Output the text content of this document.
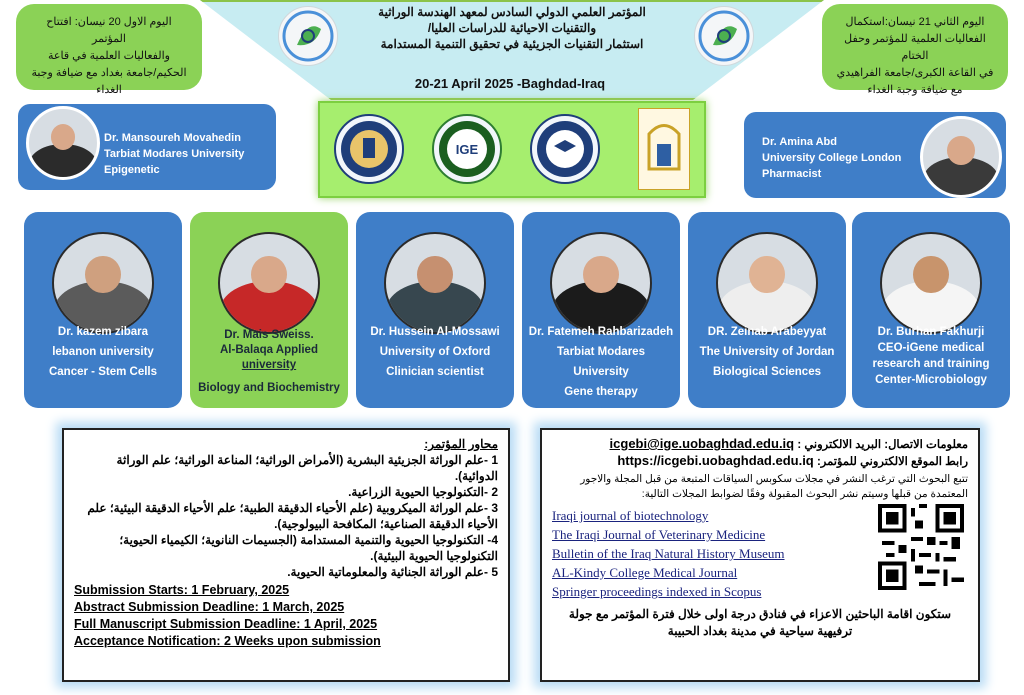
المؤتمر العلمي الدولي السادس لمعهد الهندسة الوراثية
والتقنيات الاحيائية للدراسات العليا/
استثمار التقنيات الجزيئية في تحقيق التنمية المستدامة
20-21 April 2025 -Baghdad-Iraq
اليوم الاول 20 نيسان: افتتاح المؤتمر
والفعاليات العلمية في قاعة
الحكيم/جامعة بغداد مع ضيافة وجبة
الغداء
اليوم الثاني 21 نيسان:استكمال
الفعاليات العلمية للمؤتمر وحفل الختام
في القاعة الكبرى/جامعة الفراهيدي
مع ضيافة وجبة الغداء
IGE
Dr. Mansoureh Movahedin
Tarbiat Modares University
Epigenetic
Dr. Amina Abd
University College London
Pharmacist
Dr. kazem zibara
lebanon university
Cancer - Stem Cells
Dr. Mais Sweiss.
Al-Balaqa Applied
university
Biology and Biochemistry
Dr. Hussein Al-Mossawi
University of Oxford
Clinician scientist
Dr. Fatemeh Rahbarizadeh
Tarbiat Modares
University
Gene therapy
DR. Zeinab Arabeyyat
The University of Jordan
Biological Sciences
Dr. Burhan Fakhurji
CEO-iGene medical
research and training
Center-Microbiology
محاور المؤتمر:
1 -علم الوراثة الجزيئية البشرية (الأمراض الوراثية؛ المناعة الوراثية؛ علم الوراثة الدوائية).
2 -التكنولوجيا الحيوية الزراعية.
3 -علم الوراثة الميكروبية (علم الأحياء الدقيقة الطبية؛ علم الأحياء الدقيقة البيئية؛ علم الأحياء الدقيقة الصناعية؛ المكافحة البيولوجية).
4- التكنولوجيا الحيوية والتنمية المستدامة (الجسيمات النانوية؛ الكيمياء الحيوية؛ التكنولوجيا الحيوية البيئية).
5 -علم الوراثة الجنائية والمعلوماتية الحيوية.
Submission Starts: 1 February, 2025
Abstract Submission Deadline: 1 March, 2025
Full Manuscript Submission Deadline: 1 April, 2025
Acceptance Notification: 2 Weeks upon submission
معلومات الاتصال: البريد الالكتروني : icgebi@ige.uobaghdad.edu.iq
رابط الموقع الالكتروني للمؤتمر: https://icgebi.uobaghdad.edu.iq
تتبع البحوث التي ترغب النشر في مجلات سكوبس السياقات المتبعة من قبل المجلة والاجور المعتمدة من قبلها وسيتم نشر البحوث المقبولة وفقًا لضوابط المجلات التالية:
Iraqi journal of biotechnology
The Iraqi Journal of Veterinary Medicine
Bulletin of the Iraq Natural History Museum
AL-Kindy College Medical Journal
Springer proceedings indexed in Scopus
ستكون اقامة الباحثين الاعزاء في فنادق درجة اولى خلال فترة المؤتمر مع جولة ترفيهية سياحية في مدينة بغداد الحبيبة
